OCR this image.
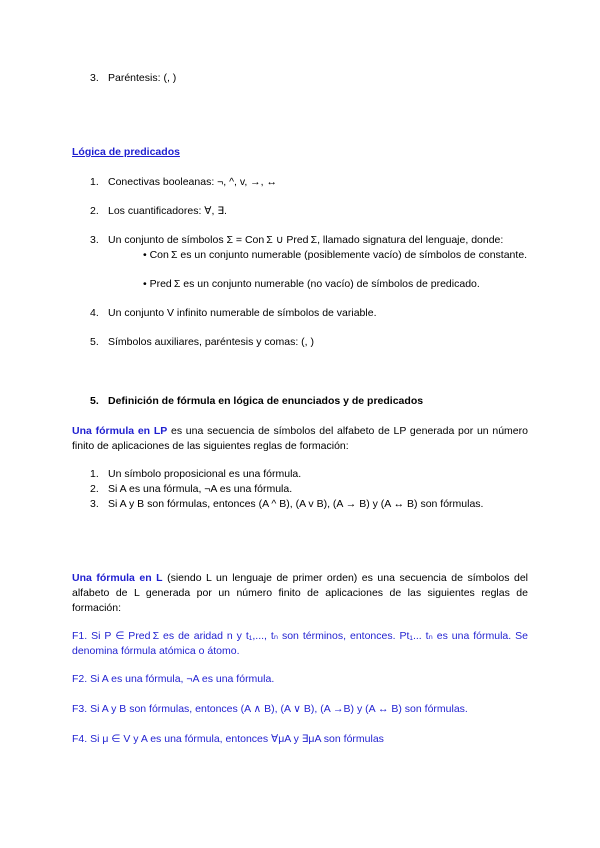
3. Paréntesis: (, )
Lógica de predicados
1. Conectivas booleanas: ¬, ^, v, →, ↔
2. Los cuantificadores: ∀, ∃.
3. Un conjunto de símbolos Σ = Con Σ ∪ Pred Σ, llamado signatura del lenguaje, donde:
• Con Σ es un conjunto numerable (posiblemente vacío) de símbolos de constante.
• Pred Σ es un conjunto numerable (no vacío) de símbolos de predicado.
4. Un conjunto V infinito numerable de símbolos de variable.
5. Símbolos auxiliares, paréntesis y comas: (, )
5. Definición de fórmula en lógica de enunciados y de predicados
Una fórmula en LP es una secuencia de símbolos del alfabeto de LP generada por un número finito de aplicaciones de las siguientes reglas de formación:
1. Un símbolo proposicional es una fórmula.
2. Si A es una fórmula, ¬A es una fórmula.
3. Si A y B son fórmulas, entonces (A ^ B), (A v B), (A → B) y (A ↔ B) son fórmulas.
Una fórmula en L (siendo L un lenguaje de primer orden) es una secuencia de símbolos del alfabeto de L generada por un número finito de aplicaciones de las siguientes reglas de formación:
F1. Si P ∈ Pred Σ es de aridad n y t₁,..., tₙ son términos, entonces. Pt₁... tₙ es una fórmula. Se denomina fórmula atómica o átomo.
F2. Si A es una fórmula, ¬A es una fórmula.
F3. Si A y B son fórmulas, entonces (A ∧ B), (A ∨ B), (A →B) y (A ↔ B) son fórmulas.
F4. Si μ ∈ V y A es una fórmula, entonces ∀μA y ∃μA son fórmulas
